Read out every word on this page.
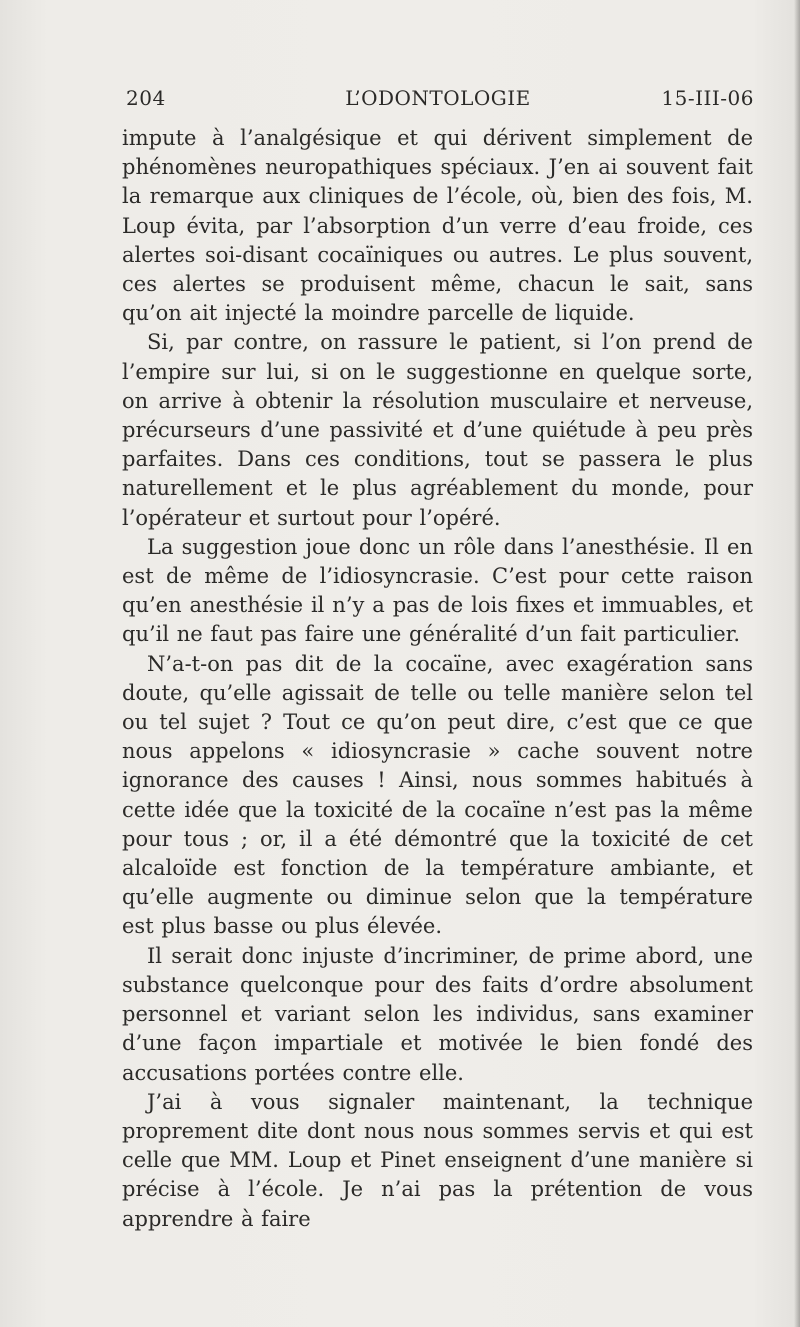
204	L’ODONTOLOGIE	15-III-06

impute à l’analgésique et qui dérivent simplement de phénomènes neuropathiques spéciaux. J’en ai souvent fait la remarque aux cliniques de l’école, où, bien des fois, M. Loup évita, par l’absorption d’un verre d’eau froide, ces alertes soi-disant cocaïniques ou autres. Le plus souvent, ces alertes se produisent même, chacun le sait, sans qu’on ait injecté la moindre parcelle de liquide.

Si, par contre, on rassure le patient, si l’on prend de l’empire sur lui, si on le suggestionne en quelque sorte, on arrive à obtenir la résolution musculaire et nerveuse, précurseurs d’une passivité et d’une quiétude à peu près parfaites. Dans ces conditions, tout se passera le plus naturellement et le plus agréablement du monde, pour l’opérateur et surtout pour l’opéré.

La suggestion joue donc un rôle dans l’anesthésie. Il en est de même de l’idiosyncrasie. C’est pour cette raison qu’en anesthésie il n’y a pas de lois fixes et immuables, et qu’il ne faut pas faire une généralité d’un fait particulier.

N’a-t-on pas dit de la cocaïne, avec exagération sans doute, qu’elle agissait de telle ou telle manière selon tel ou tel sujet ? Tout ce qu’on peut dire, c’est que ce que nous appelons « idiosyncrasie » cache souvent notre ignorance des causes ! Ainsi, nous sommes habitués à cette idée que la toxicité de la cocaïne n’est pas la même pour tous ; or, il a été démontré que la toxicité de cet alcaloïde est fonction de la température ambiante, et qu’elle augmente ou diminue selon que la température est plus basse ou plus élevée.

Il serait donc injuste d’incriminer, de prime abord, une substance quelconque pour des faits d’ordre absolument personnel et variant selon les individus, sans examiner d’une façon impartiale et motivée le bien fondé des accusations portées contre elle.

J’ai à vous signaler maintenant, la technique proprement dite dont nous nous sommes servis et qui est celle que MM. Loup et Pinet enseignent d’une manière si précise à l’école. Je n’ai pas la prétention de vous apprendre à faire
